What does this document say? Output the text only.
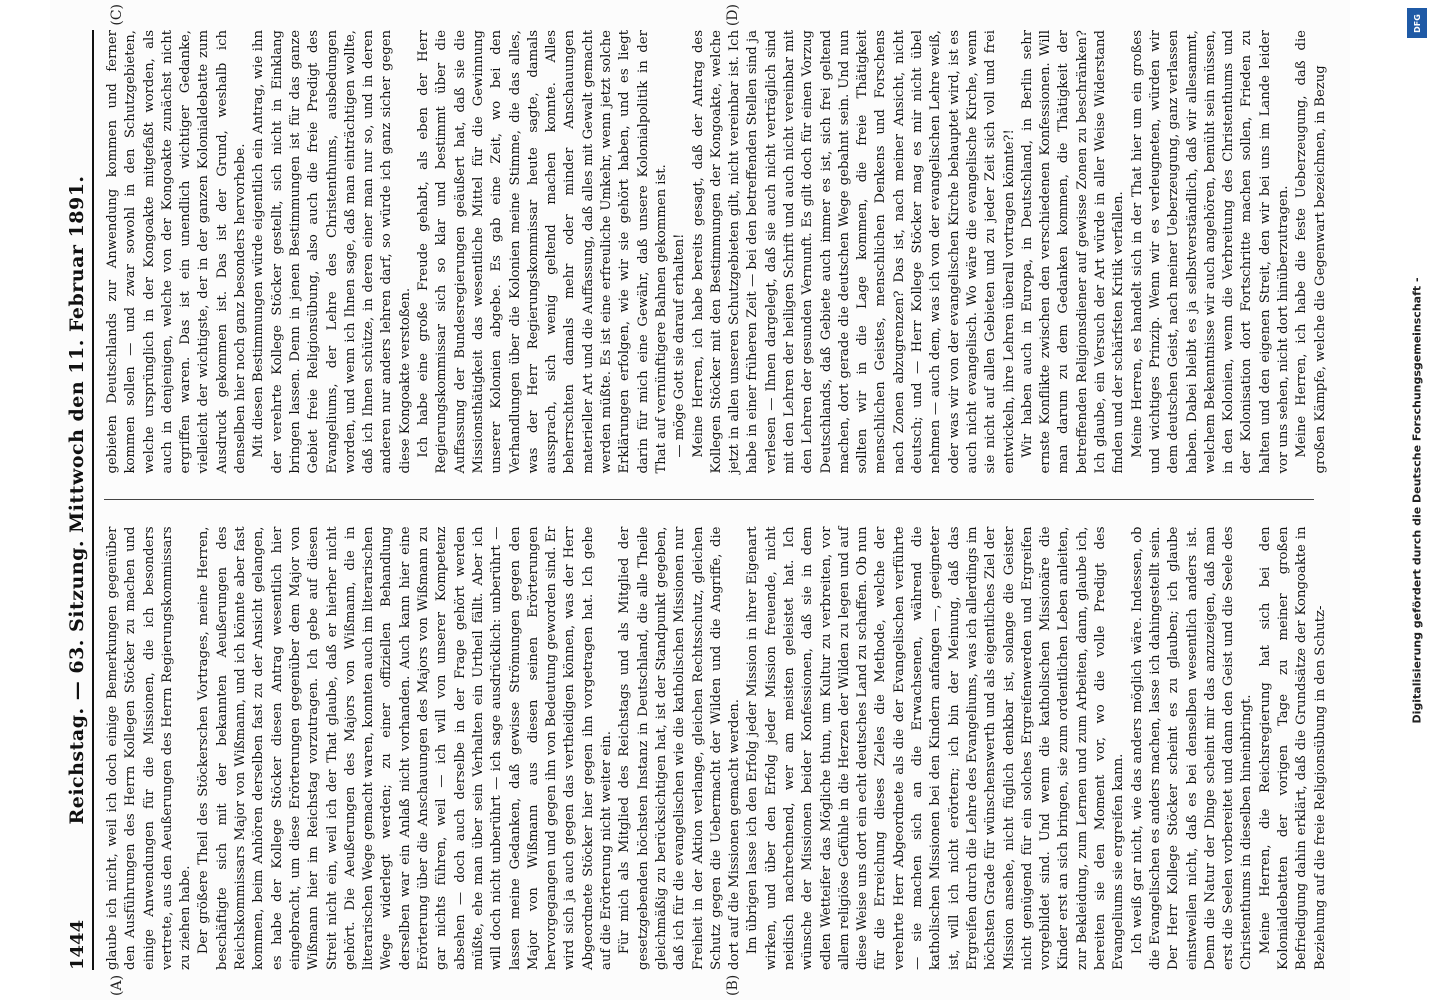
1444
Reichstag. — 63. Sitzung. Mittwoch den 11. Februar 1891.
(A)	(B)

glaube ich nicht, weil ich doch einige Bemerkungen gegenüber den Ausführungen des Herrn Kollegen Stöcker zu machen und einige Anwendungen für die Missionen, die ich besonders vertrete, aus den Aeußerungen des Herrn Regierungskommissars zu ziehen habe. Der größere Theil des Stöckerschen Vortrages, meine Herren, beschäftigte sich mit der bekannten Aeußerungen des Reichskommissars Major von Wißmann, und ich könnte aber fast kommen, beim Anhören derselben fast zu der Ansicht gelangen, es habe der Kollege Stöcker diesen Antrag wesentlich hier eingebracht, um diese Erörterungen gegenüber dem Major von Wißmann hier im Reichstag vorzutragen. Ich gebe auf diesen Streit nicht ein, weil ich der That glaube, daß er hierher nicht gehört. Die Aeußerungen des Majors von Wißmann, die in literarischen Wege gemacht waren, konnten auch im literarischen Wege widerlegt werden; zu einer offiziellen Behandlung derselben war ein Anlaß nicht vorhanden. Auch kann hier eine Erörterung über die Anschauungen des Majors von Wißmann zu gar nichts führen, weil — ich will von unserer Kompetenz absehen — doch auch derselbe in der Frage gehört werden müßte, ehe man über sein Verhalten ein Urtheil fällt. Aber ich will doch nicht unberührt — ich sage ausdrücklich: unberührt — lassen meine Gedanken, daß gewisse Strömungen gegen den Major von Wißmann aus diesen seinen Erörterungen hervorgegangen und gegen ihn von Bedeutung geworden sind. Er wird sich ja auch gegen das vertheidigen können, was der Herr Abgeordnete Stöcker hier gegen ihn vorgetragen hat. Ich gehe auf die Erörterung nicht weiter ein. Für mich als Mitglied des Reichstags und als Mitglied der gesetzgebenden höchsten Instanz in Deutschland, die alle Theile gleichmäßig zu berücksichtigen hat, ist der Standpunkt gegeben, daß ich für die evangelischen wie die katholischen Missionen nur Freiheit in der Aktion verlange, gleichen Rechtsschutz, gleichen Schutz gegen die Uebermacht der Wilden und die Angriffe, die dort auf die Missionen gemacht werden. Im übrigen lasse ich den Erfolg jeder Mission in ihrer Eigenart wirken, und über den Erfolg jeder Mission freuende, nicht neidisch nachrechnend, wer am meisten geleistet hat. Ich wünsche der Missionen beider Konfessionen, daß sie in dem edlen Wetteifer das Mögliche thun, um Kultur zu verbreiten, vor allem religiöse Gefühle in die Herzen der Wilden zu legen und auf diese Weise uns dort ein echt deutsches Land zu schaffen. Ob nun für die Erreichung dieses Zieles die Methode, welche der verehrte Herr Abgeordnete als die der Evangelischen verführte — sie machen sich an die Erwachsenen, während die katholischen Missionen bei den Kindern anfangen —, geeigneter ist, will ich nicht erörtern; ich bin der Meinung, daß das Ergreifen durch die Lehre des Evangeliums, was ich allerdings im höchsten Grade für wünschenswerth und als eigentliches Ziel der Mission ansehe, nicht füglich denkbar ist, solange die Geister nicht genügend für ein solches Ergreifenwerden und Ergreifen vorgebildet sind. Und wenn die katholischen Missionäre die Kinder erst an sich bringen, sie zum ordentlichen Leben anleiten, zur Bekleidung, zum Lernen und zum Arbeiten, dann, glaube ich, bereiten sie den Moment vor, wo die volle Predigt des Evangeliums sie ergreifen kann. Ich weiß gar nicht, wie das anders möglich wäre. Indessen, ob die Evangelischen es anders machen, lasse ich dahingestellt sein. Der Herr Kollege Stöcker scheint es zu glauben; ich glaube einstweilen nicht, daß es bei denselben wesentlich anders ist. Denn die Natur der Dinge scheint mir das anzuzeigen, daß man erst die Seelen vorbereitet und dann den Geist und die Seele des Christenthums in dieselben hineinbringt. Meine Herren, die Reichsregierung hat sich bei den Kolonialdebatten der vorigen Tage zu meiner großen Befriedigung dahin erklärt, daß die Grundsätze der Kongoakte in Beziehung auf die freie Religionsübung in den Schutz-

(C)	(D)

gebieten Deutschlands zur Anwendung kommen und ferner kommen sollen — und zwar sowohl in den Schutzgebieten, welche ursprünglich in der Kongoakte mitgefaßt worden, als auch in denjenigen, welche von der Kongoakte zunächst nicht ergriffen waren. Das ist ein unendlich wichtiger Gedanke, vielleicht der wichtigste, der in der ganzen Kolonialdebatte zum Ausdruck gekommen ist. Das ist der Grund, weshalb ich denselben hier noch ganz besonders hervorhebe. Mit diesen Bestimmungen würde eigentlich ein Antrag, wie ihn der verehrte Kollege Stöcker gestellt, sich nicht in Einklang bringen lassen. Denn in jenen Bestimmungen ist für das ganze Gebiet freie Religionsübung, also auch die freie Predigt des Evangeliums, der Lehre des Christenthums, ausbedungen worden, und wenn ich Ihnen sage, daß man einträchtigen wollte, daß ich Ihnen schütze, in deren einer man nur so, und in deren anderen nur anders lehren darf, so würde ich ganz sicher gegen diese Kongoakte verstoßen. Ich habe eine große Freude gehabt, als eben der Herr Regierungskommissar sich so klar und bestimmt über die Auffassung der Bundesregierungen geäußert hat, daß sie die Missionsthätigkeit das wesentliche Mittel für die Gewinnung unserer Kolonien abgebe. Es gab eine Zeit, wo bei den Verhandlungen über die Kolonien meine Stimme, die das alles, was der Herr Regierungskommissar heute sagte, damals aussprach, sich wenig geltend machen konnte. Alles beherrschten damals mehr oder minder Anschauungen materieller Art und die Auffassung, daß alles mit Gewalt gemacht werden müßte. Es ist eine erfreuliche Umkehr, wenn jetzt solche Erklärungen erfolgen, wie wir sie gehört haben, und es liegt darin für mich eine Gewähr, daß unsere Kolonialpolitik in der That auf vernünftigere Bahnen gekommen ist. — möge Gott sie darauf erhalten! Meine Herren, ich habe bereits gesagt, daß der Antrag des Kollegen Stöcker mit den Bestimmungen der Kongoakte, welche jetzt in allen unseren Schutzgebieten gilt, nicht vereinbar ist. Ich habe in einer früheren Zeit — bei den betreffenden Stellen sind ja verlesen — Ihnen dargelegt, daß sie auch nicht verträglich sind mit den Lehren der heiligen Schrift und auch nicht vereinbar mit den Lehren der gesunden Vernunft. Es gilt doch für einen Vorzug Deutschlands, daß Gebiete auch immer es ist, sich frei geltend machen, dort gerade die deutschen Wege gebahnt sein. Und nun sollten wir in die Lage kommen, die freie Thätigkeit menschlichen Geistes, menschlichen Denkens und Forschens nach Zonen abzugrenzen? Das ist, nach meiner Ansicht, nicht deutsch; und — Herr Kollege Stöcker mag es mir nicht übel nehmen — auch dem, was ich von der evangelischen Lehre weiß, oder was wir von der evangelischen Kirche behauptet wird, ist es auch nicht evangelisch. Wo wäre die evangelische Kirche, wenn sie nicht auf allen Gebieten und zu jeder Zeit sich voll und frei entwickeln, ihre Lehren überall vortragen könnte?! Wir haben auch in Europa, in Deutschland, in Berlin sehr ernste Konflikte zwischen den verschiedenen Konfessionen. Will man darum zu dem Gedanken kommen, die Thätigkeit der betreffenden Religionsdiener auf gewisse Zonen zu beschränken? Ich glaube, ein Versuch der Art würde in aller Weise Widerstand finden und der schärfsten Kritik verfallen. Meine Herren, es handelt sich in der That hier um ein großes und wichtiges Prinzip. Wenn wir es verleugneten, würden wir dem deutschen Geist, nach meiner Ueberzeugung, ganz verlassen haben. Dabei bleibt es ja selbstverständlich, daß wir allesammt, welchem Bekenntnisse wir auch angehören, bemüht sein müssen, in den Kolonien, wenn die Verbreitung des Christenthums und der Kolonisation dort Fortschritte machen sollen, Frieden zu halten und den eigenen Streit, den wir bei uns im Lande leider vor uns sehen, nicht dort hinüberzutragen. Meine Herren, ich habe die feste Ueberzeugung, daß die großen Kämpfe, welche die Gegenwart bezeichnen, in Bezug

Digitalisierung gefördert durch die Deutsche Forschungsgemeinschaft -
DFG
